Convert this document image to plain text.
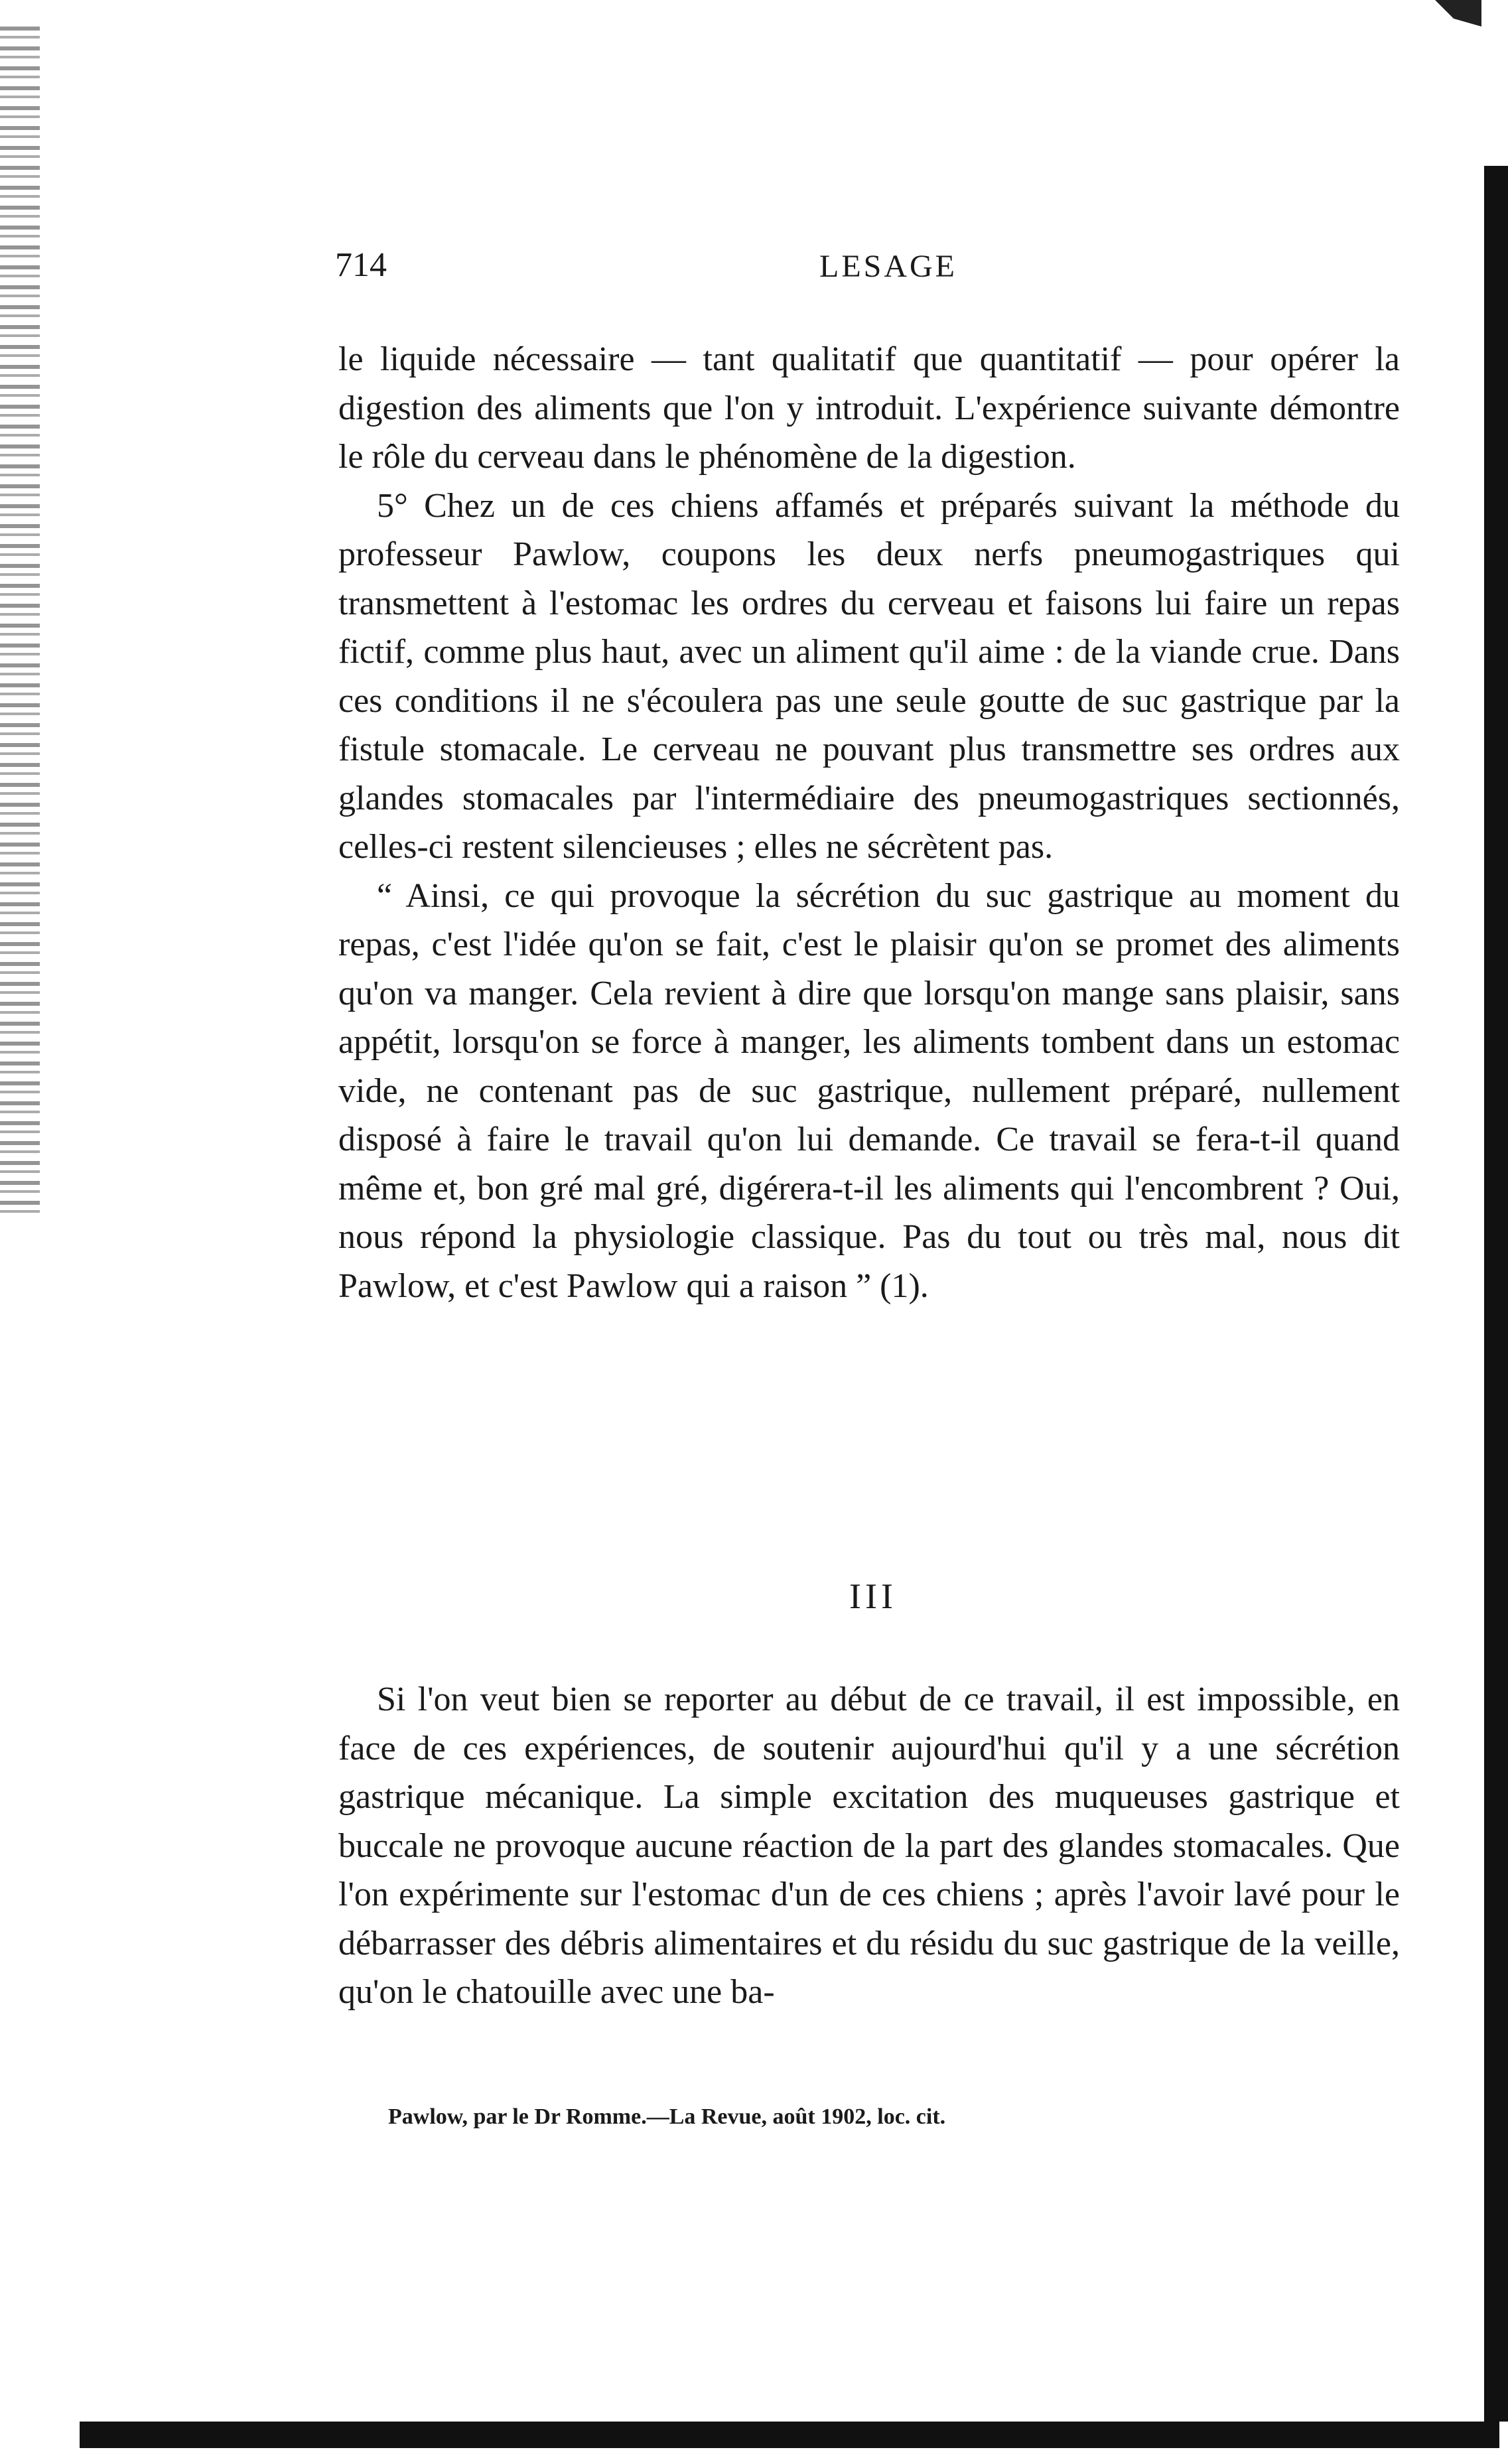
714	LESAGE

le liquide nécessaire — tant qualitatif que quantitatif — pour opérer la digestion des aliments que l'on y introduit. L'expérience suivante démontre le rôle du cerveau dans le phénomène de la digestion.

5° Chez un de ces chiens affamés et préparés suivant la méthode du professeur Pawlow, coupons les deux nerfs pneumogastriques qui transmettent à l'estomac les ordres du cerveau et faisons lui faire un repas fictif, comme plus haut, avec un aliment qu'il aime : de la viande crue. Dans ces conditions il ne s'écoulera pas une seule goutte de suc gastrique par la fistule stomacale. Le cerveau ne pouvant plus transmettre ses ordres aux glandes stomacales par l'intermédiaire des pneumogastriques sectionnés, celles-ci restent silencieuses ; elles ne sécrètent pas.

“ Ainsi, ce qui provoque la sécrétion du suc gastrique au moment du repas, c'est l'idée qu'on se fait, c'est le plaisir qu'on se promet des aliments qu'on va manger. Cela revient à dire que lorsqu'on mange sans plaisir, sans appétit, lorsqu'on se force à manger, les aliments tombent dans un estomac vide, ne contenant pas de suc gastrique, nullement préparé, nullement disposé à faire le travail qu'on lui demande. Ce travail se fera-t-il quand même et, bon gré mal gré, digérera-t-il les aliments qui l'encombrent ? Oui, nous répond la physiologie classique. Pas du tout ou très mal, nous dit Pawlow, et c'est Pawlow qui a raison ” (1).

III

Si l'on veut bien se reporter au début de ce travail, il est impossible, en face de ces expériences, de soutenir aujourd'hui qu'il y a une sécrétion gastrique mécanique. La simple excitation des muqueuses gastrique et buccale ne provoque aucune réaction de la part des glandes stomacales. Que l'on expérimente sur l'estomac d'un de ces chiens ; après l'avoir lavé pour le débarrasser des débris alimentaires et du résidu du suc gastrique de la veille, qu'on le chatouille avec une ba-

Pawlow, par le Dr Romme.—La Revue, août 1902, loc. cit.
